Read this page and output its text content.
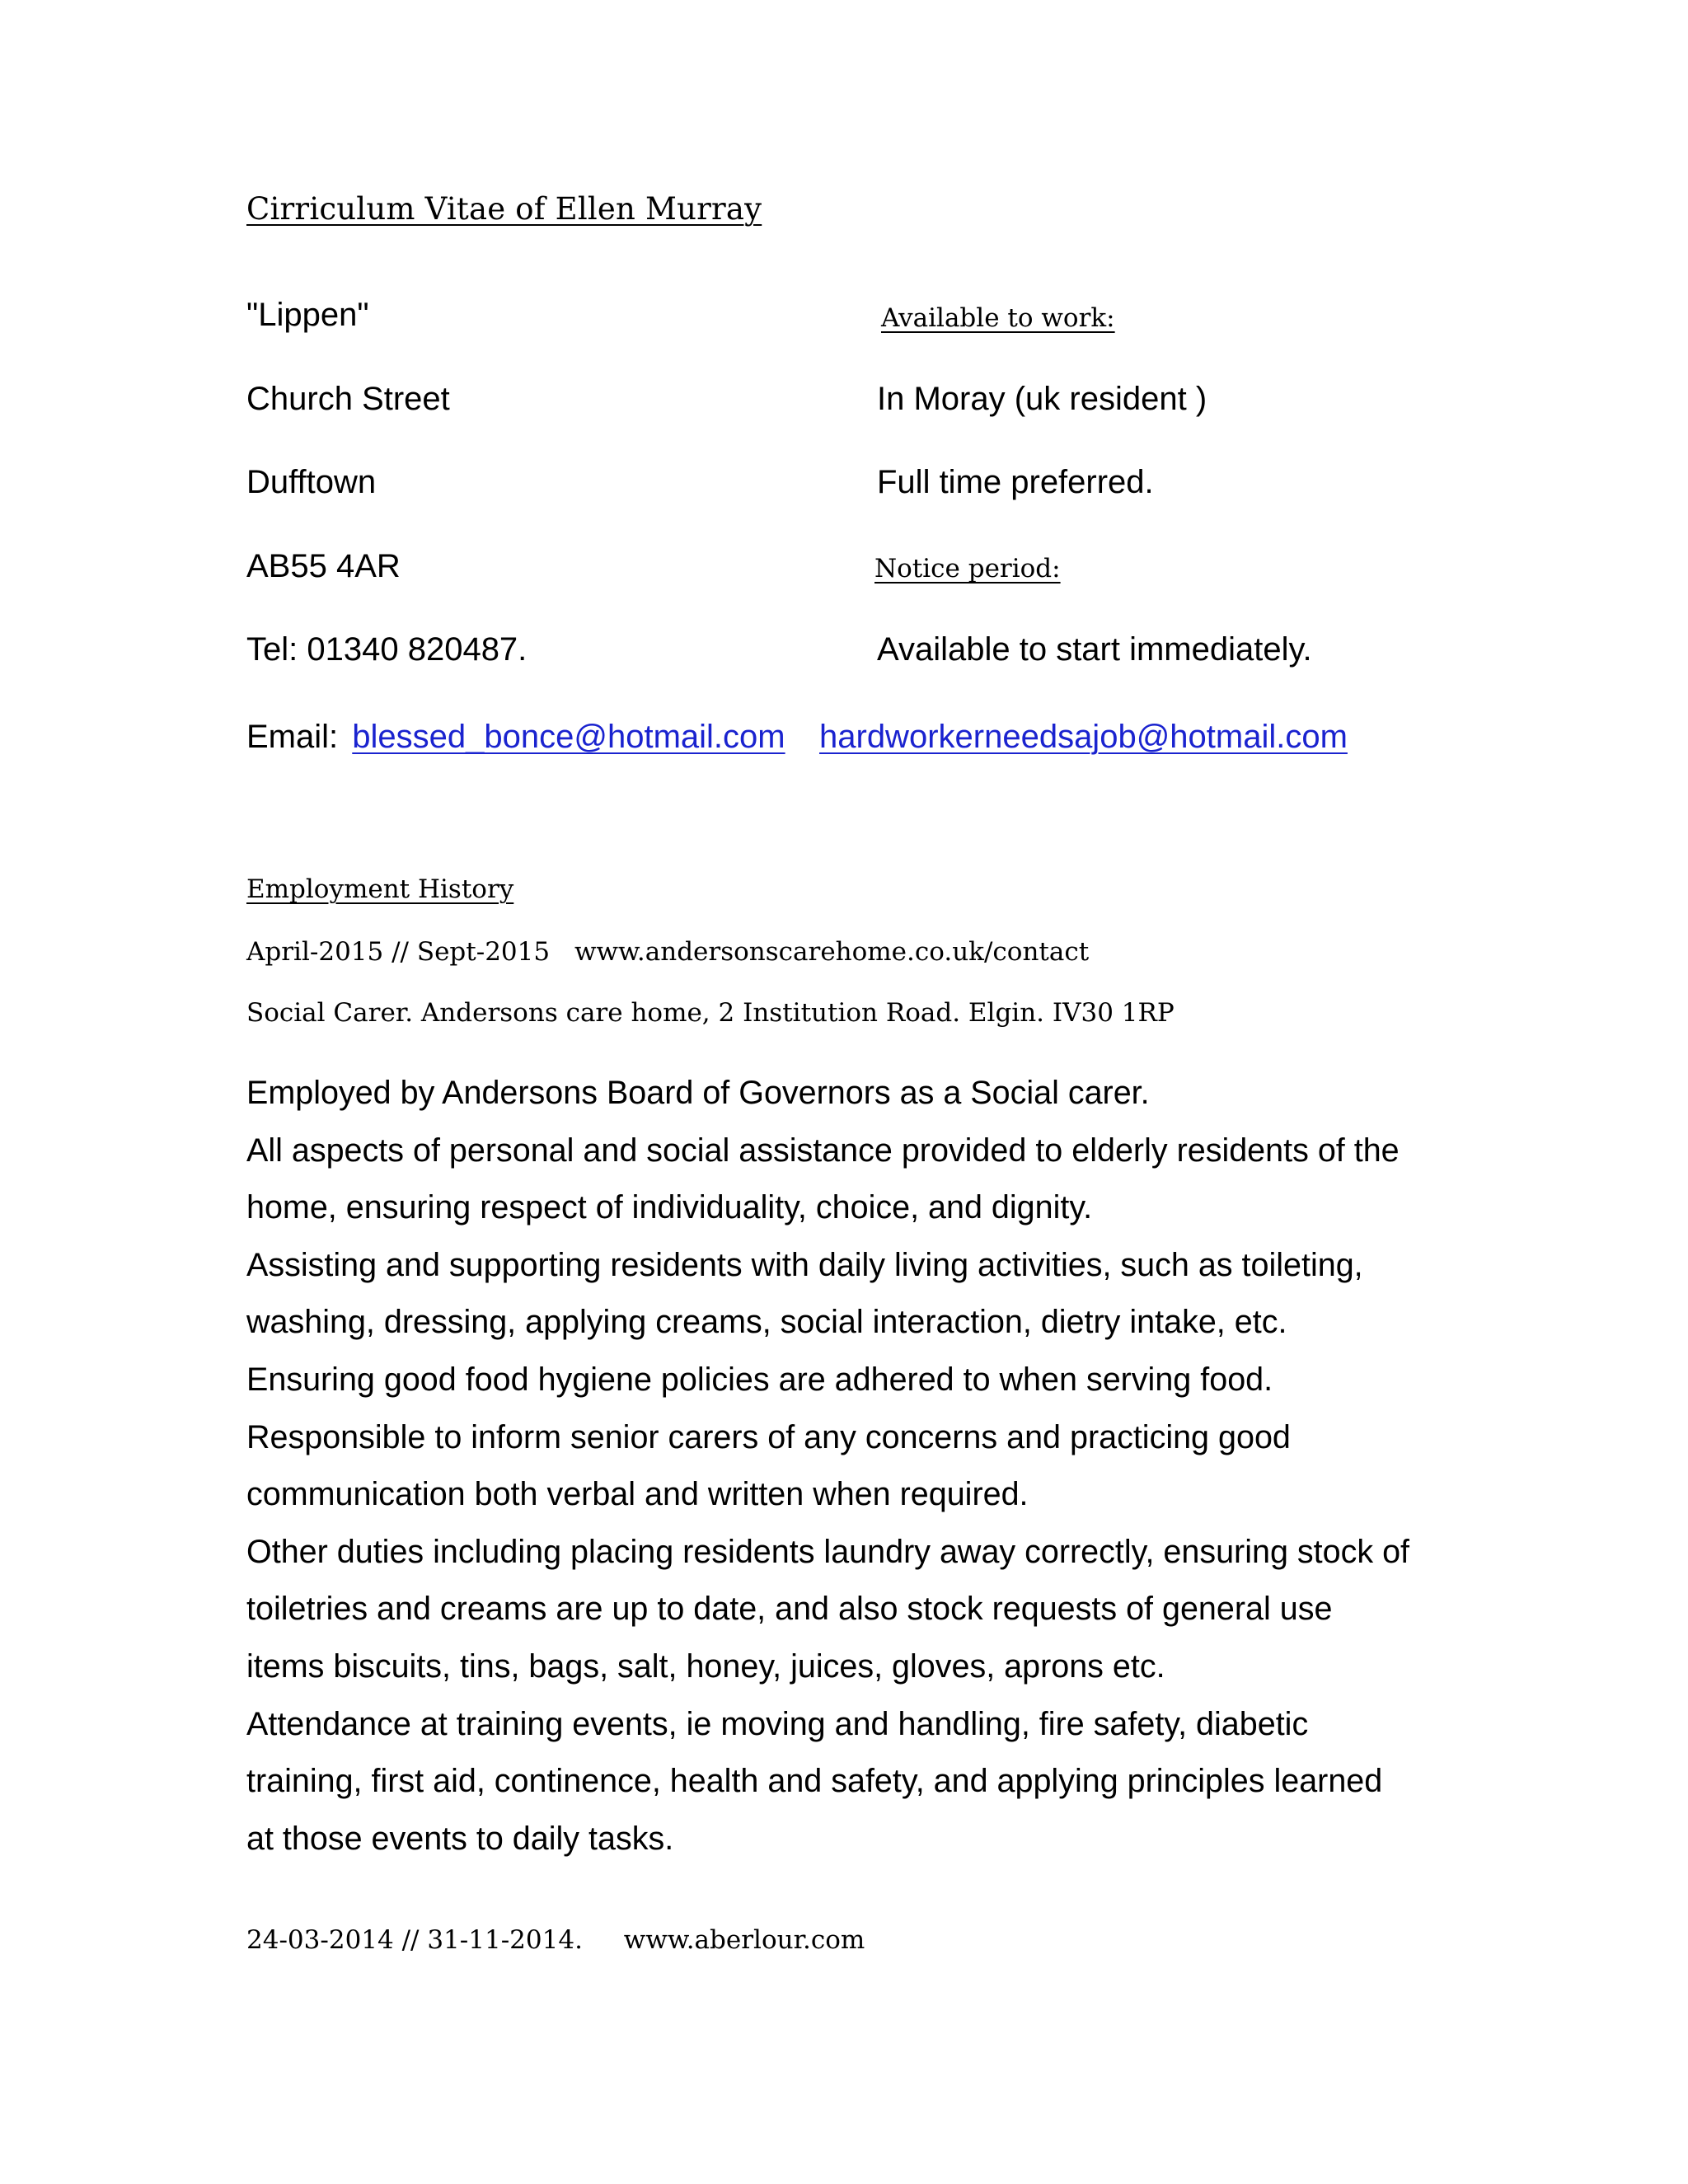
Cirriculum Vitae of Ellen Murray
"Lippen"
Church Street
Dufftown
AB55 4AR
Tel: 01340 820487.
Available to work:
In Moray (uk resident )
Full time preferred.
Notice period:
Available to start immediately.
Email: blessed_bonce@hotmail.com hardworkerneedsajob@hotmail.com
Employment History
April-2015 // Sept-2015 www.andersonscarehome.co.uk/contact
Social Carer. Andersons care home, 2 Institution Road. Elgin. IV30 1RP
Employed by Andersons Board of Governors as a Social carer.
All aspects of personal and social assistance provided to elderly residents of the
home, ensuring respect of individuality, choice, and dignity.
Assisting and supporting residents with daily living activities, such as toileting,
washing, dressing, applying creams, social interaction, dietry intake, etc.
Ensuring good food hygiene policies are adhered to when serving food.
Responsible to inform senior carers of any concerns and practicing good
communication both verbal and written when required.
Other duties including placing residents laundry away correctly, ensuring stock of
toiletries and creams are up to date, and also stock requests of general use
items biscuits, tins, bags, salt, honey, juices, gloves, aprons etc.
Attendance at training events, ie moving and handling, fire safety, diabetic
training, first aid, continence, health and safety, and applying principles learned
at those events to daily tasks.
24-03-2014 // 31-11-2014. www.aberlour.com
